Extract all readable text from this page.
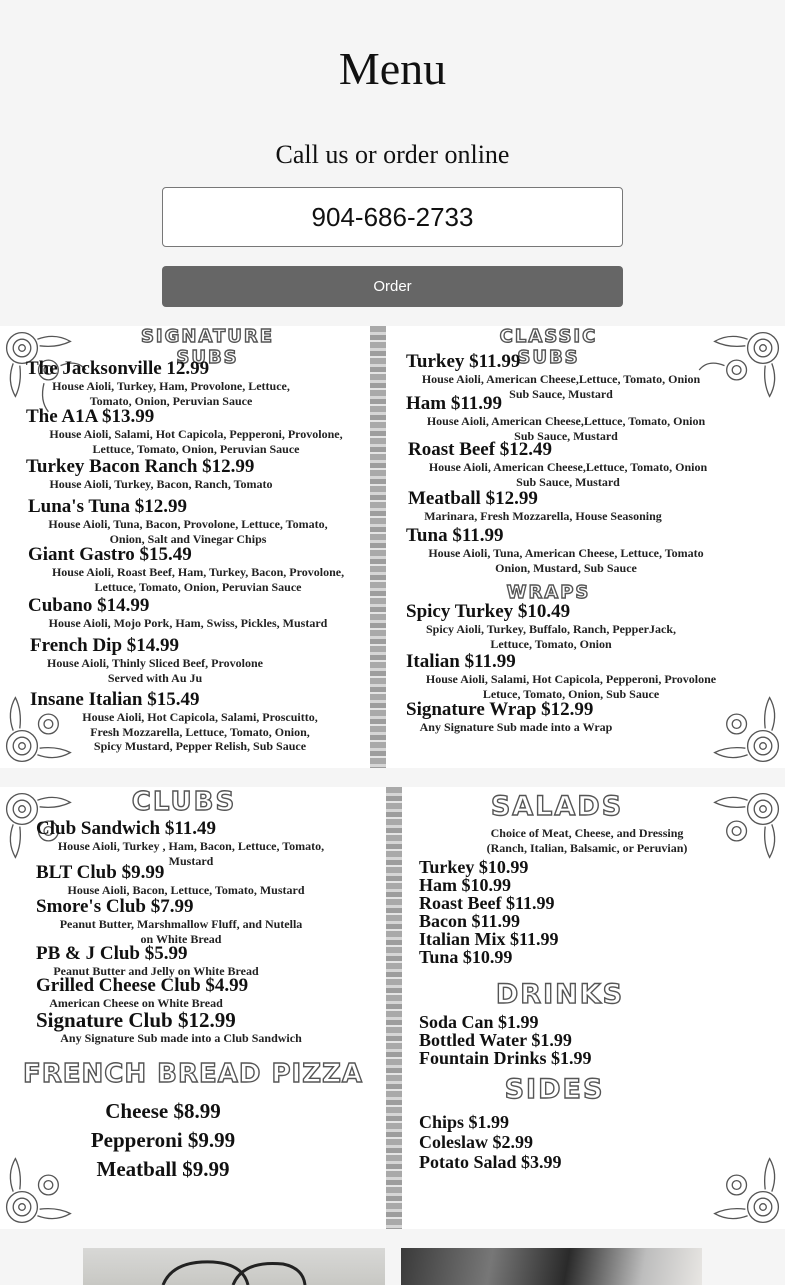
Menu
Call us or order online
904-686-2733
Order
SIGNATURE SUBS
The Jacksonville 12.99
House Aioli, Turkey, Ham, Provolone, Lettuce,
Tomato, Onion, Peruvian Sauce
The A1A $13.99
House Aioli, Salami, Hot Capicola, Pepperoni, Provolone,
Lettuce, Tomato, Onion, Peruvian Sauce
Turkey Bacon Ranch $12.99
House Aioli, Turkey, Bacon, Ranch, Tomato
Luna's Tuna $12.99
House Aioli, Tuna, Bacon, Provolone, Lettuce, Tomato,
Onion, Salt and Vinegar Chips
Giant Gastro $15.49
House Aioli, Roast Beef, Ham, Turkey, Bacon, Provolone,
Lettuce, Tomato, Onion, Peruvian Sauce
Cubano $14.99
House Aioli, Mojo Pork, Ham, Swiss, Pickles, Mustard
French Dip $14.99
House Aioli, Thinly Sliced Beef, Provolone
Served with Au Ju
Insane Italian $15.49
House Aioli, Hot Capicola, Salami, Proscuitto,
Fresh Mozzarella, Lettuce, Tomato, Onion,
Spicy Mustard, Pepper Relish, Sub Sauce
CLASSIC SUBS
Turkey $11.99
House Aioli, American Cheese,Lettuce, Tomato, Onion
Sub Sauce, Mustard
Ham $11.99
House Aioli, American Cheese,Lettuce, Tomato, Onion
Sub Sauce, Mustard
Roast Beef $12.49
House Aioli, American Cheese,Lettuce, Tomato, Onion
Sub Sauce, Mustard
Meatball $12.99
Marinara, Fresh Mozzarella, House Seasoning
Tuna $11.99
House Aioli, Tuna, American Cheese, Lettuce, Tomato
Onion, Mustard, Sub Sauce
WRAPS
Spicy Turkey $10.49
Spicy Aioli, Turkey, Buffalo, Ranch, PepperJack,
Lettuce, Tomato, Onion
Italian $11.99
House Aioli, Salami, Hot Capicola, Pepperoni, Provolone
Letuce, Tomato, Onion, Sub Sauce
Signature Wrap $12.99
Any Signature Sub made into a Wrap
CLUBS
Club Sandwich $11.49
House Aioli, Turkey , Ham, Bacon, Lettuce, Tomato,
Mustard
BLT Club $9.99
House Aioli, Bacon, Lettuce, Tomato, Mustard
Smore's Club $7.99
Peanut Butter, Marshmallow Fluff, and Nutella
on White Bread
PB & J Club $5.99
Peanut Butter and Jelly on White Bread
Grilled Cheese Club $4.99
American Cheese on White Bread
Signature Club $12.99
Any Signature Sub made into a Club Sandwich
FRENCH BREAD PIZZA
Cheese $8.99
Pepperoni $9.99
Meatball $9.99
SALADS
Choice of Meat, Cheese, and Dressing
(Ranch, Italian, Balsamic, or Peruvian)
Turkey $10.99
Ham $10.99
Roast Beef $11.99
Bacon $11.99
Italian Mix $11.99
Tuna $10.99
DRINKS
Soda Can $1.99
Bottled Water $1.99
Fountain Drinks $1.99
SIDES
Chips $1.99
Coleslaw $2.99
Potato Salad $3.99
